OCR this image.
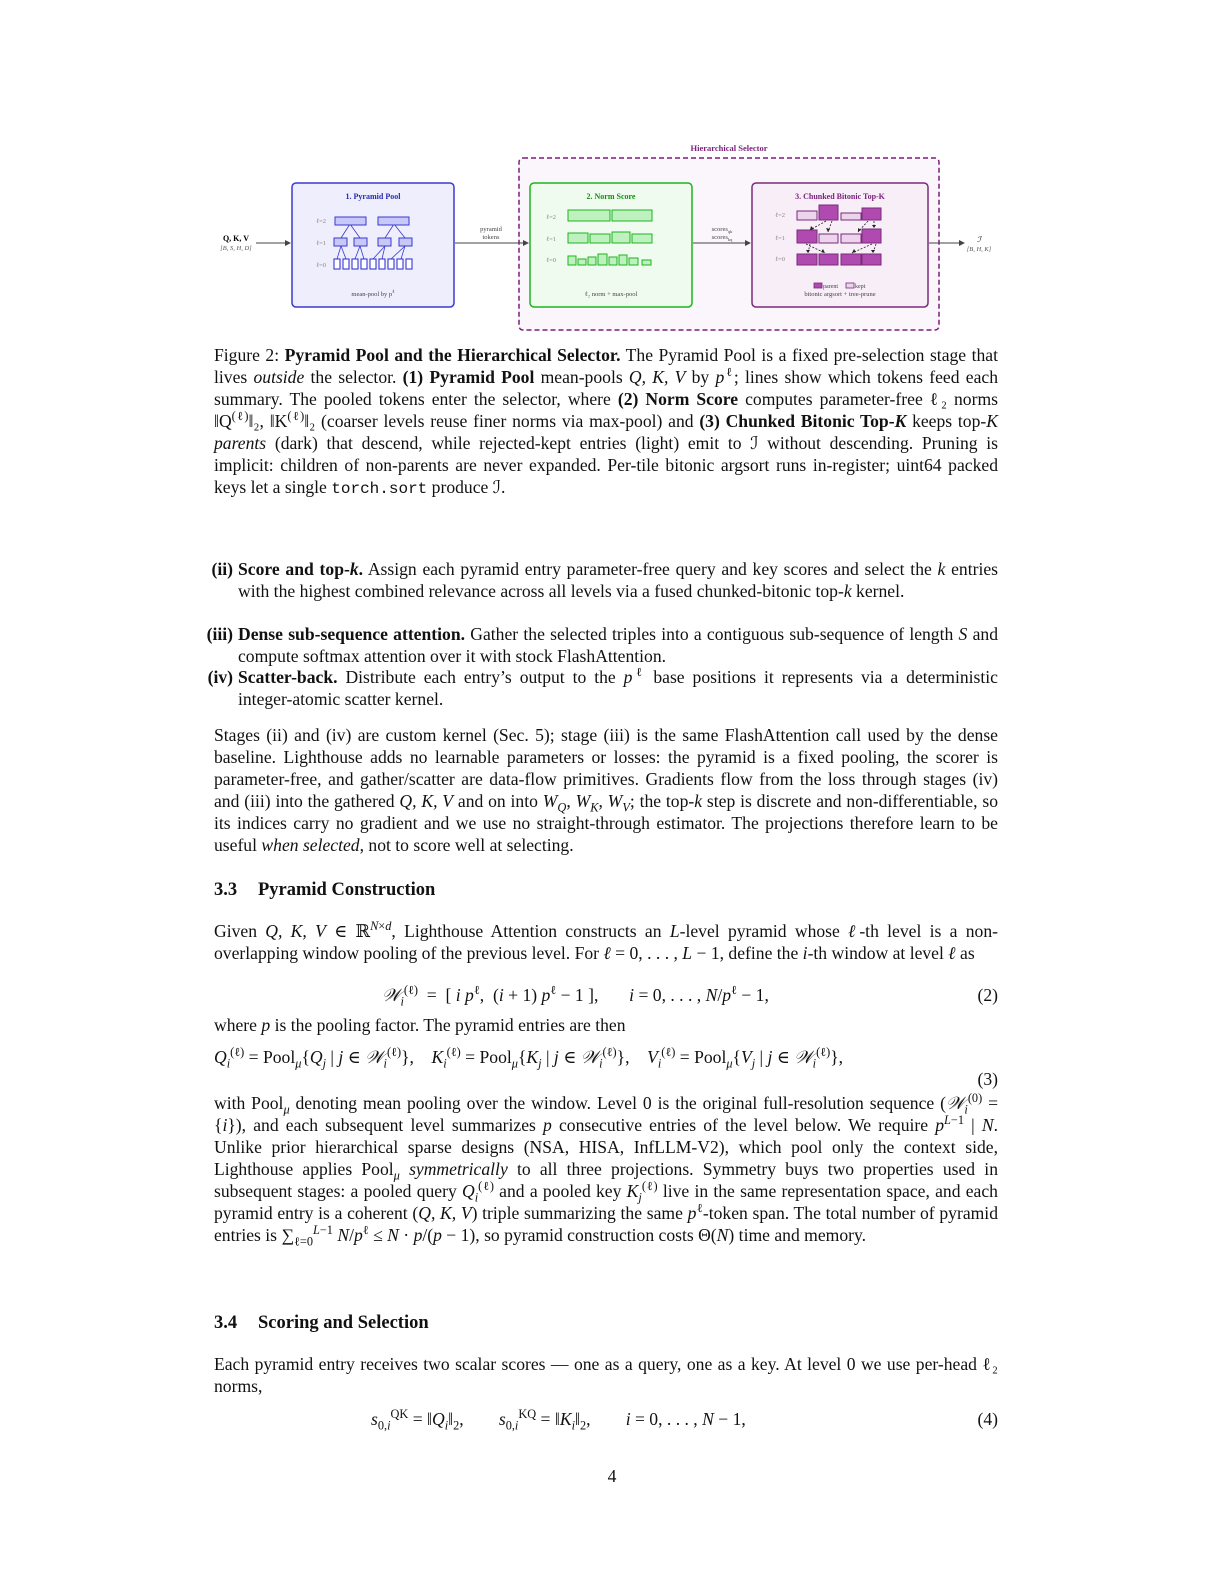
Hierarchical Selector
Q, K, V
[B, S, H, D]
1. Pyramid Pool
ℓ=2
ℓ=1
ℓ=0
mean-pool by $p^\ell$
pyramid
tokens
2. Norm Score
ℓ=2
ℓ=1
ℓ=0
ℓ₂ norm + max-pool
scores$_{qk}$
scores$_{kq}$
3. Chunked Bitonic Top-K
ℓ=2
ℓ=1
ℓ=0
parent	kept
bitonic argsort + tree-prune
ℐ
[B, H, K]

Figure 2: Pyramid Pool and the Hierarchical Selector. The Pyramid Pool is a fixed pre-selection stage that lives outside the selector. (1) Pyramid Pool mean-pools Q, K, V by $p^\ell$; lines show which tokens feed each summary. The pooled tokens enter the selector, where (2) Norm Score computes parameter-free ℓ₂ norms $‖Q^{(\ell)}‖_2$, $‖K^{(\ell)}‖_2$ (coarser levels reuse finer norms via max-pool) and (3) Chunked Bitonic Top-K keeps top-K parents (dark) that descend, while rejected-kept entries (light) emit to ℐ without descending. Pruning is implicit: children of non-parents are never expanded. Per-tile bitonic argsort runs in-register; uint64 packed keys let a single torch.sort produce ℐ.

(ii) Score and top-k. Assign each pyramid entry parameter-free query and key scores and select the k entries with the highest combined relevance across all levels via a fused chunked-bitonic top-k kernel.
(iii) Dense sub-sequence attention. Gather the selected triples into a contiguous sub-sequence of length S and compute softmax attention over it with stock FlashAttention.
(iv) Scatter-back. Distribute each entry’s output to the $p^\ell$ base positions it represents via a deterministic integer-atomic scatter kernel.

Stages (ii) and (iv) are custom kernel (Sec. 5); stage (iii) is the same FlashAttention call used by the dense baseline. Lighthouse adds no learnable parameters or losses: the pyramid is a fixed pooling, the scorer is parameter-free, and gather/scatter are data-flow primitives. Gradients flow from the loss through stages (iv) and (iii) into the gathered Q, K, V and on into $W_Q$, $W_K$, $W_V$; the top-k step is discrete and non-differentiable, so its indices carry no gradient and we use no straight-through estimator. The projections therefore learn to be useful when selected, not to score well at selecting.

3.3 Pyramid Construction

Given Q, K, V ∈ ℝ$^{N\times d}$, Lighthouse Attention constructs an L-level pyramid whose ℓ-th level is a non-overlapping window pooling of the previous level. For ℓ = 0, . . . , L − 1, define the i-th window at level ℓ as

𝒲$_i^{(\ell)}$  =  [ i $p^\ell$,  (i + 1) $p^\ell - 1$ ],       i = 0, . . . , $N/p^\ell - 1$,	(2)

where p is the pooling factor. The pyramid entries are then

$Q_i^{(\ell)}$ = $Pool_\mu\{Q_j$ | j ∈ 𝒲$_i^{(\ell)}$},    $K_i^{(\ell)}$ = $Pool_\mu\{K_j$ | j ∈ 𝒲$_i^{(\ell)}$},    $V_i^{(\ell)}$ = $Pool_\mu\{V_j$ | j ∈ 𝒲$_i^{(\ell)}$},
(3)

with Pool$_\mu$ denoting mean pooling over the window. Level 0 is the original full-resolution sequence (𝒲$_i^{(0)}$ = {i}), and each subsequent level summarizes p consecutive entries of the level below. We require $p^{L-1}$ | N. Unlike prior hierarchical sparse designs (NSA, HISA, InfLLM-V2), which pool only the context side, Lighthouse applies Pool$_\mu$ symmetrically to all three projections. Symmetry buys two properties used in subsequent stages: a pooled query $Q_i^{(\ell)}$ and a pooled key $K_j^{(\ell)}$ live in the same representation space, and each pyramid entry is a coherent (Q, K, V) triple summarizing the same $p^\ell$-token span. The total number of pyramid entries is $\sum_{\ell=0}^{L-1}$ $N/p^\ell \le N \cdot p/(p - 1)$, so pyramid construction costs Θ(N) time and memory.

3.4 Scoring and Selection

Each pyramid entry receives two scalar scores — one as a query, one as a key. At level 0 we use per-head ℓ₂ norms,

$s_{0,i}^{QK}$ = $‖Q_i‖_2$,        $s_{0,i}^{KQ}$ = $‖K_i‖_2$,        i = 0, . . . , N − 1,	(4)
4
